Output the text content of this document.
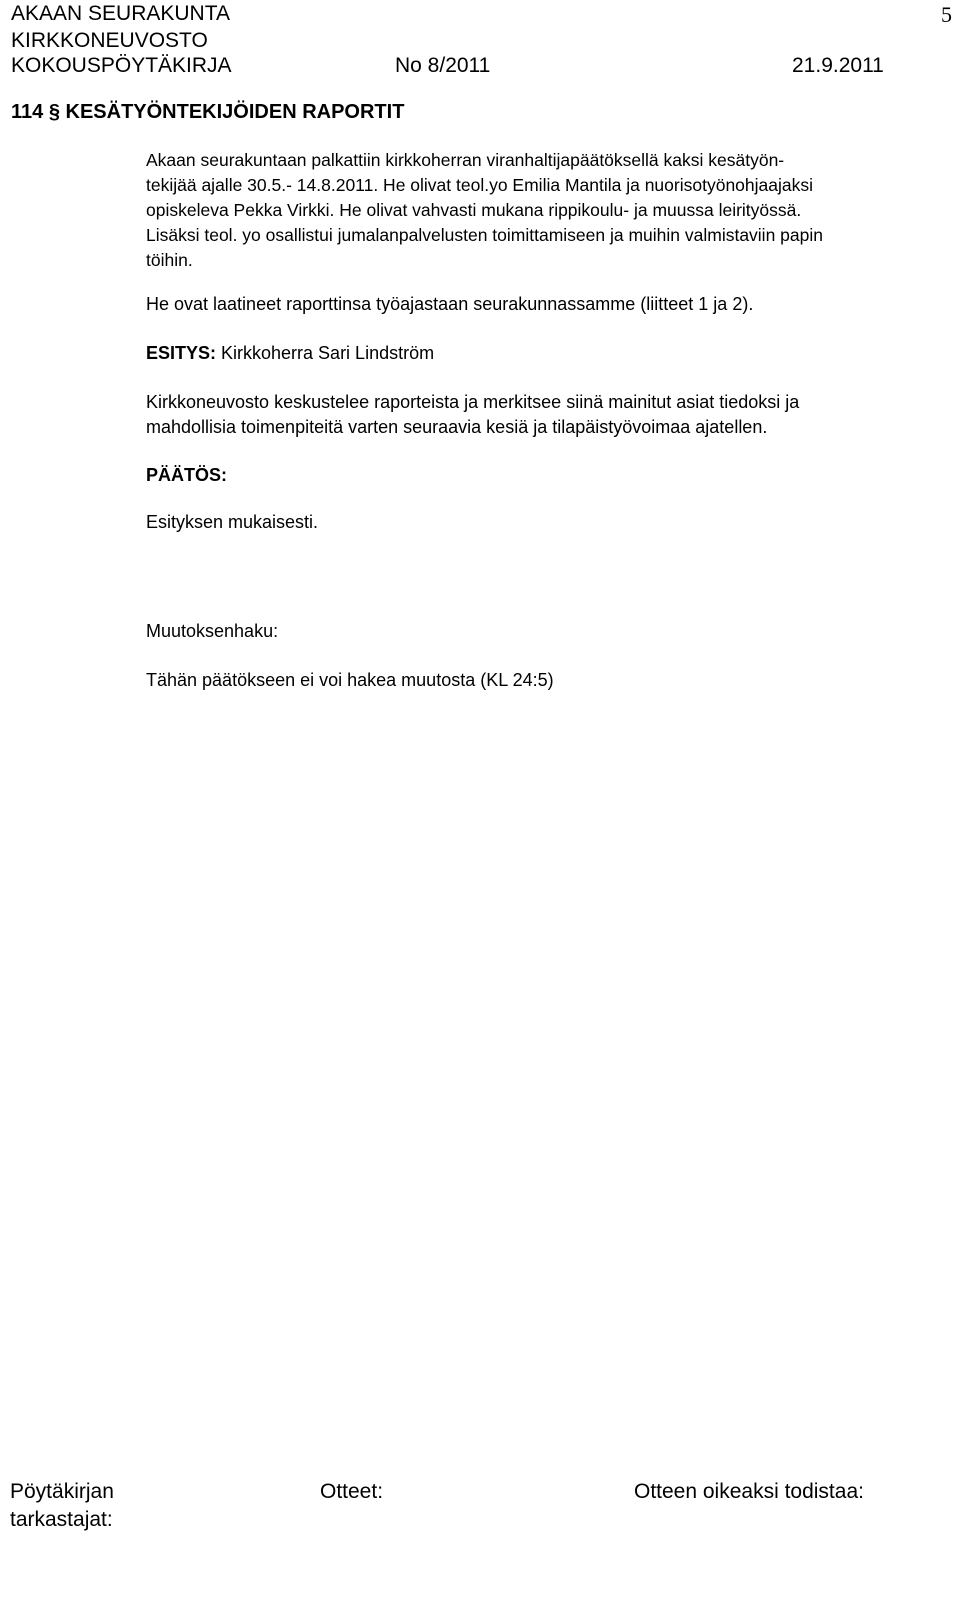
AKAAN SEURAKUNTA
KIRKKONEUVOSTO
KOKOUSPÖYTÄKIRJA	No 8/2011	21.9.2011
5
114 § KESÄTYÖNTEKIJÖIDEN RAPORTIT
Akaan seurakuntaan palkattiin kirkkoherran viranhaltijapäätöksellä kaksi kesätyön-
tekijää ajalle 30.5.- 14.8.2011. He olivat teol.yo Emilia Mantila ja nuorisotyönohjaajaksi
opiskeleva Pekka Virkki. He olivat vahvasti mukana rippikoulu- ja muussa leirityössä.
Lisäksi teol. yo osallistui jumalanpalvelusten toimittamiseen ja muihin valmistaviin papin
töihin.
He ovat laatineet raporttinsa työajastaan seurakunnassamme (liitteet 1 ja 2).
ESITYS: Kirkkoherra Sari Lindström
Kirkkoneuvosto keskustelee raporteista ja merkitsee siinä mainitut asiat tiedoksi ja
mahdollisia toimenpiteitä varten seuraavia kesiä ja tilapäistyövoimaa ajatellen.
PÄÄTÖS:
Esityksen mukaisesti.
Muutoksenhaku:
Tähän päätökseen ei voi hakea muutosta (KL 24:5)
Pöytäkirjan
tarkastajat:
Otteet:	Otteen oikeaksi todistaa:
